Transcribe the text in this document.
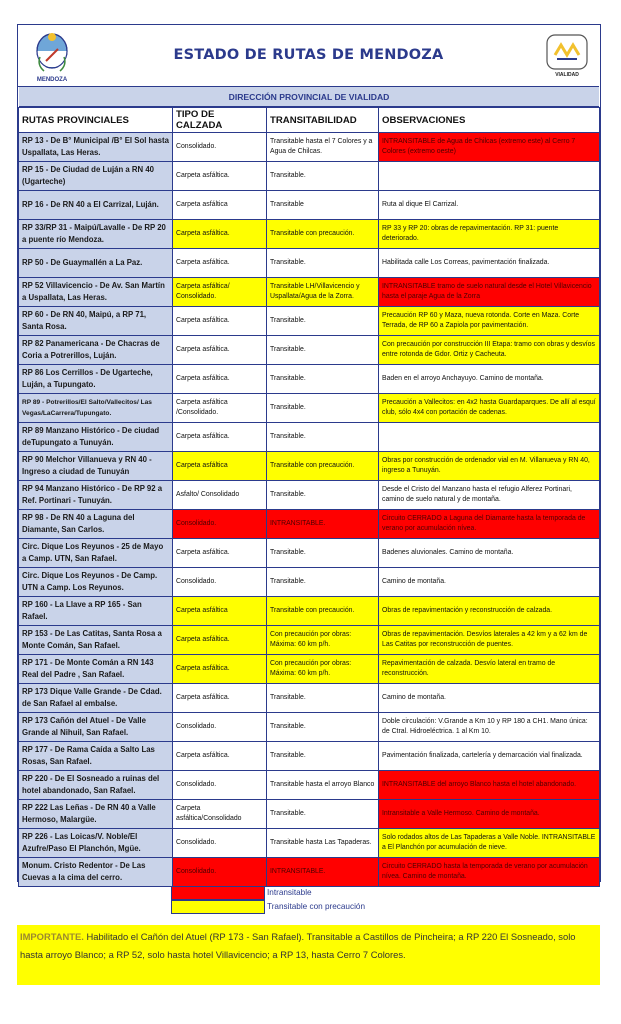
MENDOZA
ESTADO DE RUTAS DE MENDOZA
VIALIDAD
DIRECCIÓN PROVINCIAL DE VIALIDAD
RUTAS PROVINCIALES	TIPO DE CALZADA	TRANSITABILIDAD	OBSERVACIONES
RP 13 - De B° Municipal /B° El Sol hasta Uspallata, Las Heras.	Consolidado.	Transitable hasta el 7 Colores y a Agua de Chilcas.	INTRANSITABLE de Agua de Chilcas (extremo este) al Cerro 7 Colores (extremo oeste)
RP 15 - De Ciudad de Luján a RN 40 (Ugarteche)	Carpeta asfáltica.	Transitable.	
RP 16 - De RN 40 a El Carrizal, Luján.	Carpeta asfáltica	Transitable	Ruta al dique El Carrizal.
RP 33/RP 31 - Maipú/Lavalle - De RP 20 a puente río Mendoza.	Carpeta asfáltica.	Transitable con precaución.	RP 33 y RP 20: obras de repavimentación. RP 31: puente deteriorado.
RP 50 - De Guaymallén a La Paz.	Carpeta asfáltica.	Transitable.	Habilitada calle Los Correas, pavimentación finalizada.
RP 52 Villavicencio - De Av. San Martín a Uspallata, Las Heras.	Carpeta asfáltica/ Consolidado.	Transitable LH/Villavicencio y Uspallata/Agua de la Zorra.	INTRANSITABLE tramo de suelo natural desde el Hotel Villavicencio hasta el paraje Agua de la Zorra
RP 60 - De RN 40, Maipú, a RP 71, Santa Rosa.	Carpeta asfáltica.	Transitable.	Precaución RP 60 y Maza, nueva rotonda. Corte en Maza. Corte Terrada, de RP 60 a Zapiola por pavimentación.
RP 82 Panamericana - De Chacras de Coria a Potrerillos, Luján.	Carpeta asfáltica.	Transitable.	Con precaución por construcción III Etapa: tramo con obras y desvíos entre rotonda de Gdor. Ortiz y Cacheuta.
RP 86 Los Cerrillos - De Ugarteche, Luján, a Tupungato.	Carpeta asfáltica.	Transitable.	Baden en el arroyo Anchayuyo. Camino de montaña.
RP 89 - Potrerillos/El Salto/Vallecitos/ Las Vegas/LaCarrera/Tupungato.	Carpeta asfáltica /Consolidado.	Transitable.	Precaución a Vallecitos: en 4x2 hasta Guardaparques. De allí al esquí club, sólo 4x4 con portación de cadenas.
RP 89 Manzano Histórico - De ciudad deTupungato a Tunuyán.	Carpeta asfáltica.	Transitable.	
RP 90 Melchor Villanueva y RN 40 - Ingreso a ciudad de Tunuyán	Carpeta asfáltica	Transitable con precaución.	Obras por construcción de ordenador vial en M. Villanueva y RN 40, ingreso a Tunuyán.
RP 94 Manzano Histórico - De RP 92 a Ref. Portinari - Tunuyán.	Asfalto/ Consolidado	Transitable.	Desde el Cristo del Manzano hasta el refugio Alferez Portinari, camino de suelo natural y de montaña.
RP 98 - De RN 40 a Laguna del Diamante, San Carlos.	Consolidado.	INTRANSITABLE.	Circuito CERRADO a Laguna del Diamante hasta la temporada de verano por acumulación nívea.
Circ. Dique Los Reyunos - 25 de Mayo a Camp. UTN, San Rafael.	Carpeta asfáltica.	Transitable.	Badenes aluvionales. Camino de montaña.
Circ. Dique Los Reyunos - De Camp. UTN a Camp. Los Reyunos.	Consolidado.	Transitable.	Camino de montaña.
RP 160 - La Llave a RP 165 - San Rafael.	Carpeta asfáltica	Transitable con precaución.	Obras de repavimentación y reconstrucción de calzada.
RP 153 - De Las Catitas, Santa Rosa a Monte Comán, San Rafael.	Carpeta asfáltica.	Con precaución por obras: Máxima: 60 km p/h.	Obras de repavimentación. Desvíos laterales a 42 km y a 62 km de Las Catitas por reconstrucción de puentes.
RP 171 - De Monte Comán a RN 143 Real del Padre , San Rafael.	Carpeta asfáltica.	Con precaución por obras: Máxima: 60 km p/h.	Repavimentación de calzada. Desvío lateral en tramo de reconstrucción.
RP 173 Dique Valle Grande - De Cdad. de San Rafael al embalse.	Carpeta asfáltica.	Transitable.	Camino de montaña.
RP 173 Cañón del Atuel - De Valle Grande al Nihuil, San Rafael.	Consolidado.	Transitable.	Doble circulación: V.Grande a Km 10 y RP 180 a CH1. Mano única: de Ctral. Hidroeléctrica. 1 al Km 10.
RP 177 - De Rama Caída a Salto Las Rosas, San Rafael.	Carpeta asfáltica.	Transitable.	Pavimentación finalizada, cartelería y demarcación vial finalizada.
RP 220 - De El Sosneado a ruinas del hotel abandonado, San Rafael.	Consolidado.	Transitable hasta el arroyo Blanco	INTRANSITABLE del arroyo Blanco hasta el hotel abandonado.
RP 222 Las Leñas - De RN 40 a Valle Hermoso, Malargüe.	Carpeta asfáltica/Consolidado	Transitable.	Intransitable a Valle Hermoso. Camino de montaña.
RP 226 - Las Loicas/V. Noble/El Azufre/Paso El Planchón, Mgüe.	Consolidado.	Transitable hasta Las Tapaderas.	Solo rodados altos de Las Tapaderas a Valle Noble. INTRANSITABLE a El Planchón por acumulación de nieve.
Monum. Cristo Redentor - De Las Cuevas a la cima del cerro.	Consolidado.	INTRANSITABLE.	Circuito CERRADO hasta la temporada de verano por acumulación nívea. Camino de montaña.
Intransitable
Transitable con precaución
IMPORTANTE. Habilitado el Cañón del Atuel (RP 173 - San Rafael). Transitable a Castillos de Pincheira; a RP 220 El Sosneado, solo hasta arroyo Blanco; a RP 52, solo hasta hotel Villavicencio; a RP 13, hasta Cerro 7 Colores.
